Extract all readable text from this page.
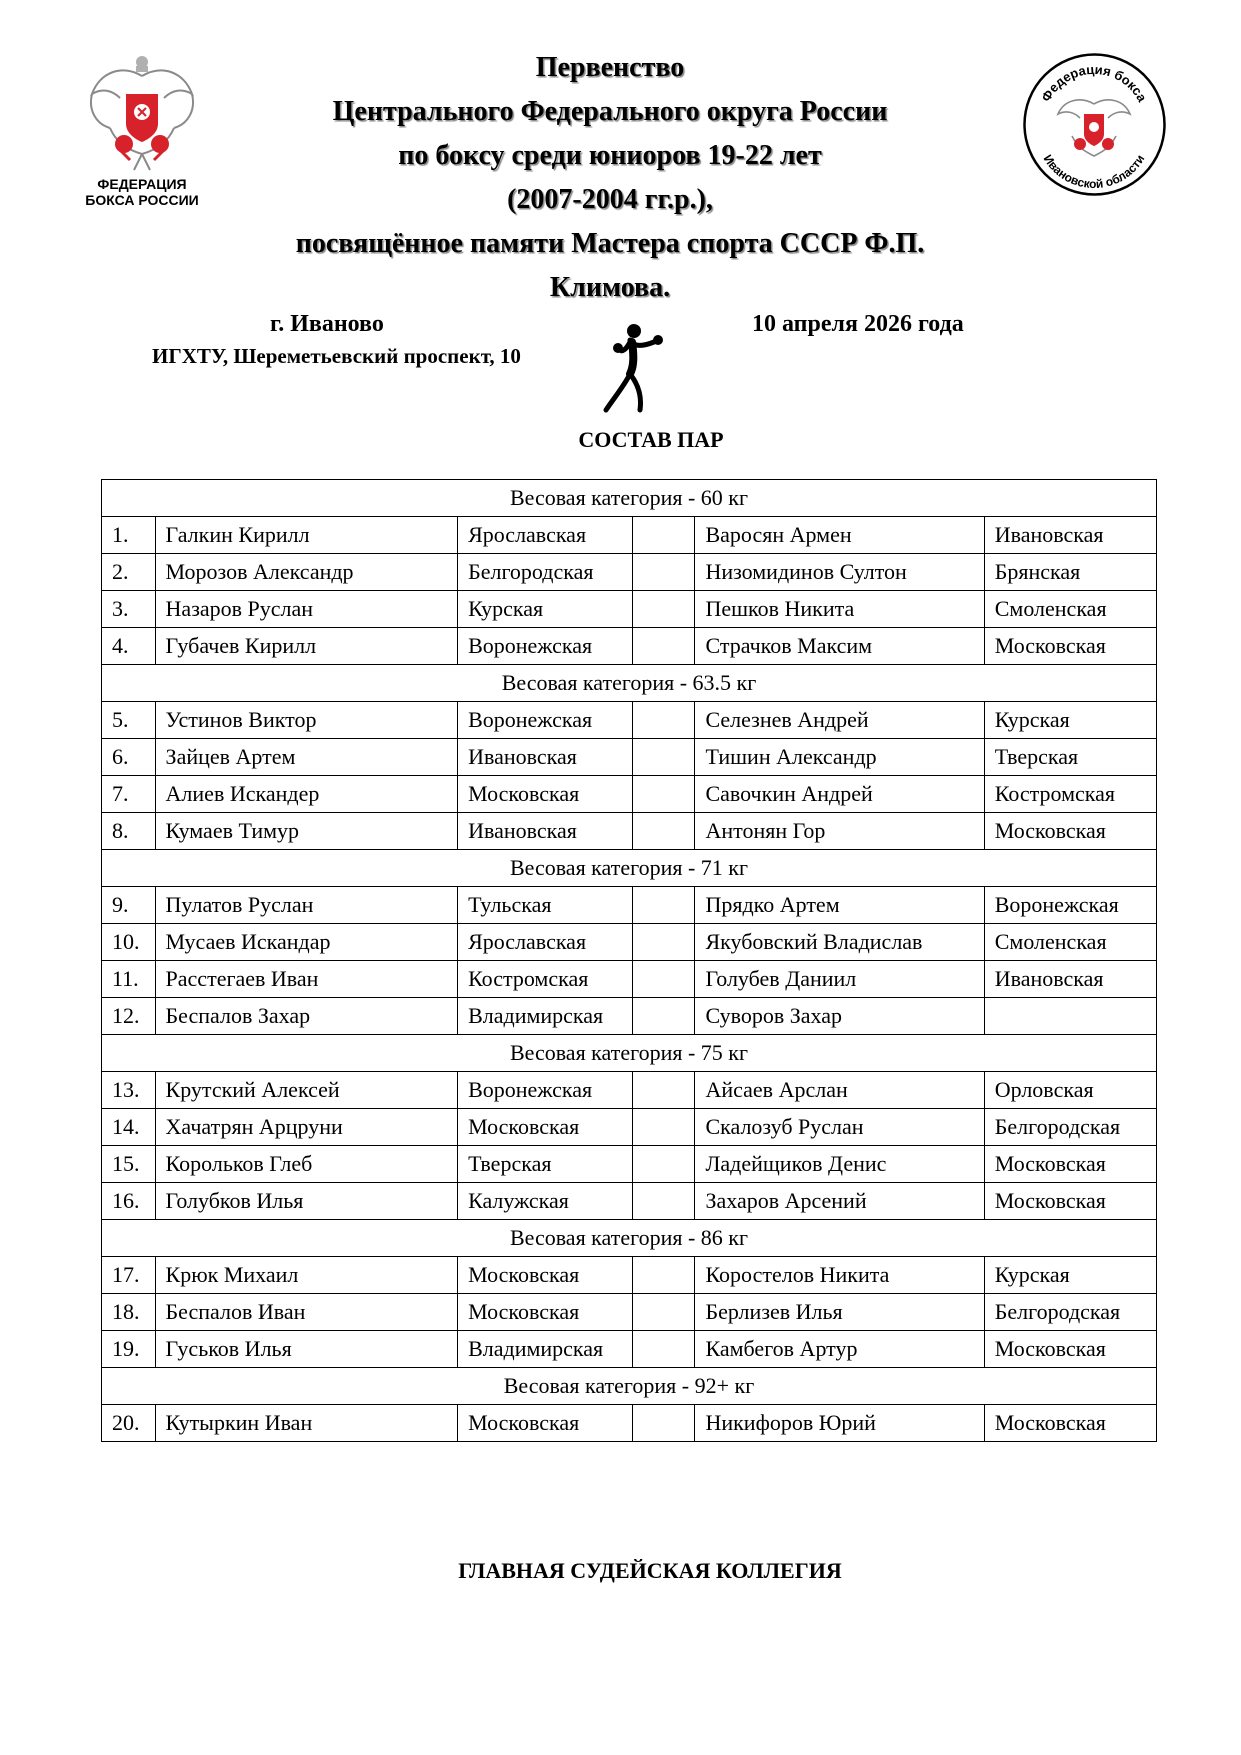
ФЕДЕРАЦИЯ
БОКСА РОССИИ
Федерация бокса
Ивановской области
Первенство
Центрального Федерального округа России
по боксу среди юниоров 19-22 лет
(2007-2004 гг.р.),
посвящённое памяти Мастера спорта СССР Ф.П.
Климова.
г. Иваново
ИГХТУ, Шереметьевский проспект, 10
10 апреля 2026 года
СОСТАВ ПАР
Весовая категория - 60 кг					
1.	Галкин Кирилл	Ярославская		Варосян Армен	Ивановская
2.	Морозов Александр	Белгородская		Низомидинов Султон	Брянская
3.	Назаров Руслан	Курская		Пешков Никита	Смоленская
4.	Губачев Кирилл	Воронежская		Страчков Максим	Московская
Весовая категория - 63.5 кг					
5.	Устинов Виктор	Воронежская		Селезнев Андрей	Курская
6.	Зайцев Артем	Ивановская		Тишин Александр	Тверская
7.	Алиев Искандер	Московская		Савочкин Андрей	Костромская
8.	Кумаев Тимур	Ивановская		Антонян Гор	Московская
Весовая категория - 71 кг					
9.	Пулатов Руслан	Тульская		Прядко Артем	Воронежская
10.	Мусаев Искандар	Ярославская		Якубовский Владислав	Смоленская
11.	Расстегаев Иван	Костромская		Голубев Даниил	Ивановская
12.	Беспалов Захар	Владимирская		Суворов Захар	
Весовая категория - 75 кг					
13.	Крутский Алексей	Воронежская		Айсаев Арслан	Орловская
14.	Хачатрян Арцруни	Московская		Скалозуб Руслан	Белгородская
15.	Корольков Глеб	Тверская		Ладейщиков Денис	Московская
16.	Голубков Илья	Калужская		Захаров Арсений	Московская
Весовая категория - 86 кг					
17.	Крюк Михаил	Московская		Коростелов Никита	Курская
18.	Беспалов Иван	Московская		Берлизев Илья	Белгородская
19.	Гуськов Илья	Владимирская		Камбегов Артур	Московская
Весовая категория - 92+ кг					
20.	Кутыркин Иван	Московская		Никифоров Юрий	Московская
ГЛАВНАЯ СУДЕЙСКАЯ КОЛЛЕГИЯ
